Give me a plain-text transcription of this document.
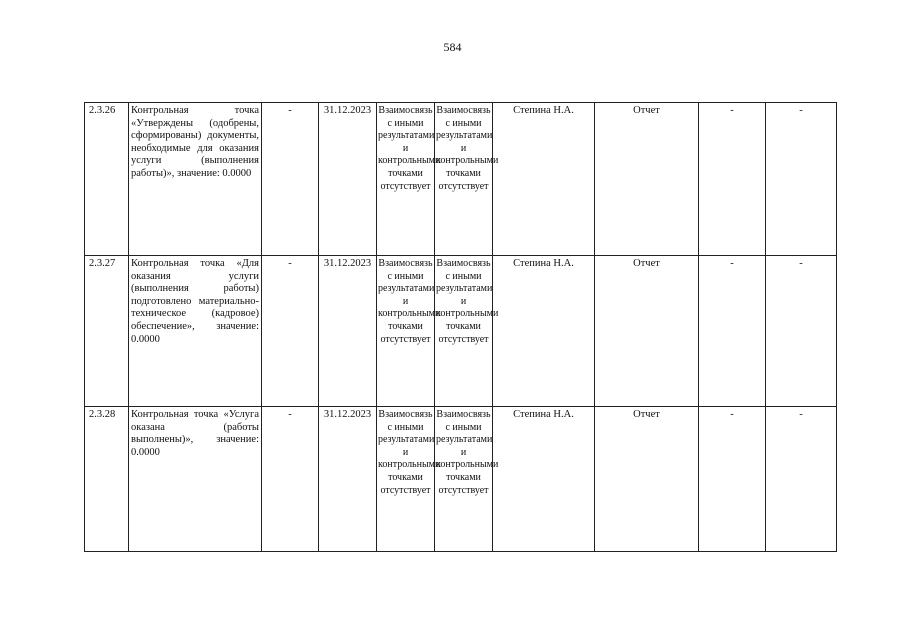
584
2.3.26	Контрольная точка «Утверждены (одобрены, сформированы) документы, необходимые для оказания услуги (выполнения работы)», значение: 0.0000	-	31.12.2023	Взаимосвязь с иными результатами и контрольными точками отсутствует	Взаимосвязь с иными результатами и контрольными точками отсутствует	Степина Н.А.	Отчет	-	-
2.3.27	Контрольная точка «Для оказания услуги (выполнения работы) подготовлено материально-техническое (кадровое) обеспечение», значение: 0.0000	-	31.12.2023	Взаимосвязь с иными результатами и контрольными точками отсутствует	Взаимосвязь с иными результатами и контрольными точками отсутствует	Степина Н.А.	Отчет	-	-
2.3.28	Контрольная точка «Услуга оказана (работы выполнены)», значение: 0.0000	-	31.12.2023	Взаимосвязь с иными результатами и контрольными точками отсутствует	Взаимосвязь с иными результатами и контрольными точками отсутствует	Степина Н.А.	Отчет	-	-
